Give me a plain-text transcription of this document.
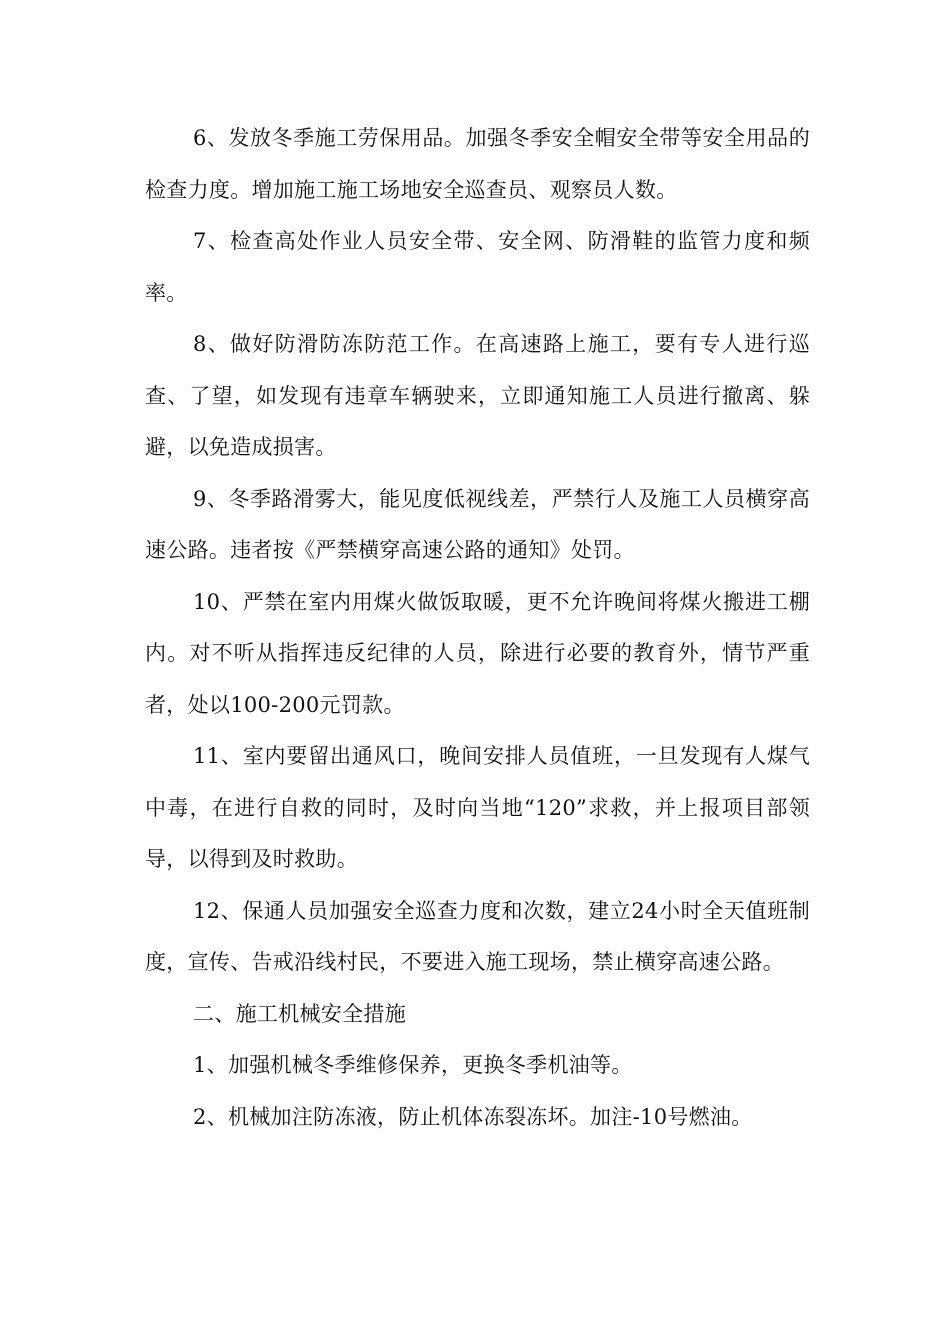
6、发放冬季施工劳保用品。加强冬季安全帽安全带等安全用品的检查力度。增加施工施工场地安全巡查员、观察员人数。

7、检查高处作业人员安全带、安全网、防滑鞋的监管力度和频率。

8、做好防滑防冻防范工作。在高速路上施工，要有专人进行巡查、了望，如发现有违章车辆驶来，立即通知施工人员进行撤离、躲避，以免造成损害。

9、冬季路滑雾大，能见度低视线差，严禁行人及施工人员横穿高速公路。违者按《严禁横穿高速公路的通知》处罚。

10、严禁在室内用煤火做饭取暖，更不允许晚间将煤火搬进工棚内。对不听从指挥违反纪律的人员，除进行必要的教育外，情节严重者，处以100-200元罚款。

11、室内要留出通风口，晚间安排人员值班，一旦发现有人煤气中毒，在进行自救的同时，及时向当地“120”求救，并上报项目部领导，以得到及时救助。

12、保通人员加强安全巡查力度和次数，建立24小时全天值班制度，宣传、告戒沿线村民，不要进入施工现场，禁止横穿高速公路。

二、施工机械安全措施

1、加强机械冬季维修保养，更换冬季机油等。

2、机械加注防冻液，防止机体冻裂冻坏。加注-10号燃油。
